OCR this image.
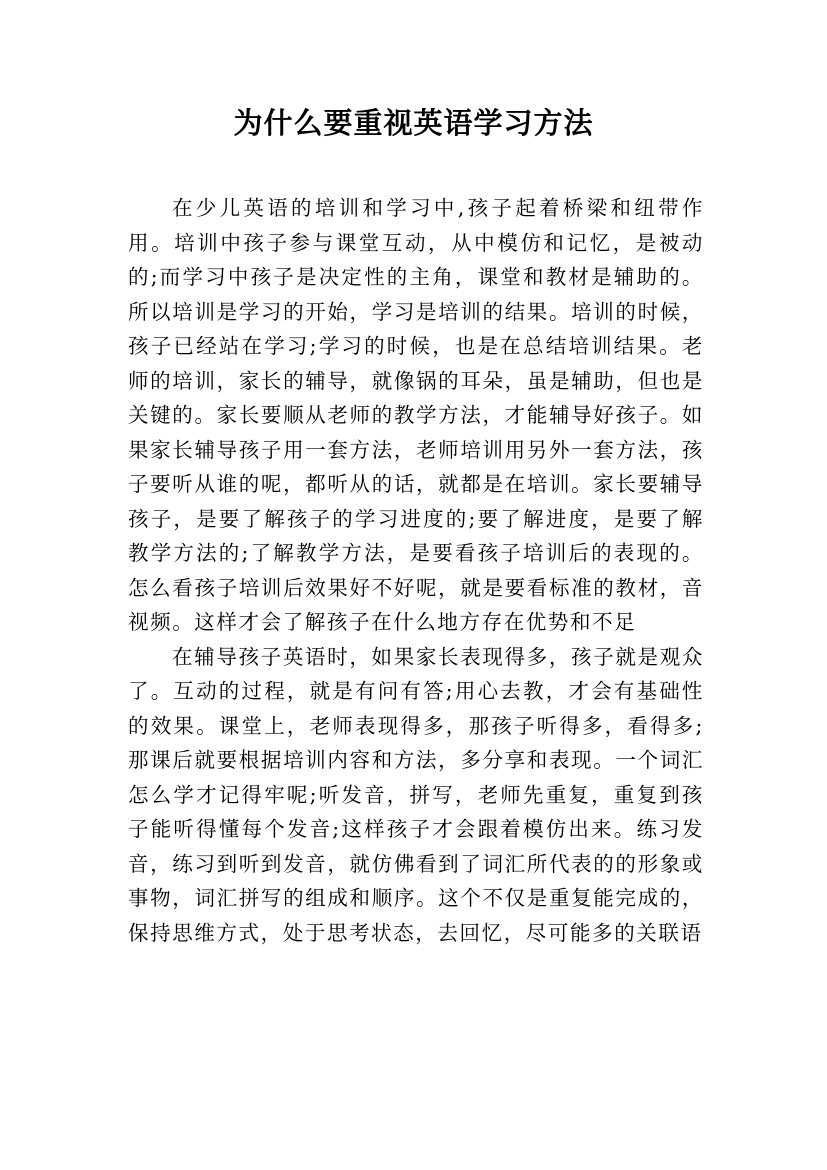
为什么要重视英语学习方法

在少儿英语的培训和学习中,孩子起着桥梁和纽带作用。培训中孩子参与课堂互动，从中模仿和记忆，是被动的;而学习中孩子是决定性的主角，课堂和教材是辅助的。所以培训是学习的开始，学习是培训的结果。培训的时候，孩子已经站在学习;学习的时候，也是在总结培训结果。老师的培训，家长的辅导，就像锅的耳朵，虽是辅助，但也是关键的。家长要顺从老师的教学方法，才能辅导好孩子。如果家长辅导孩子用一套方法，老师培训用另外一套方法，孩子要听从谁的呢，都听从的话，就都是在培训。家长要辅导孩子，是要了解孩子的学习进度的;要了解进度，是要了解教学方法的;了解教学方法，是要看孩子培训后的表现的。怎么看孩子培训后效果好不好呢，就是要看标准的教材，音视频。这样才会了解孩子在什么地方存在优势和不足

在辅导孩子英语时，如果家长表现得多，孩子就是观众了。互动的过程，就是有问有答;用心去教，才会有基础性的效果。课堂上，老师表现得多，那孩子听得多，看得多;那课后就要根据培训内容和方法，多分享和表现。一个词汇怎么学才记得牢呢;听发音，拼写，老师先重复，重复到孩子能听得懂每个发音;这样孩子才会跟着模仿出来。练习发音，练习到听到发音，就仿佛看到了词汇所代表的的形象或事物，词汇拼写的组成和顺序。这个不仅是重复能完成的，保持思维方式，处于思考状态，去回忆，尽可能多的关联语
